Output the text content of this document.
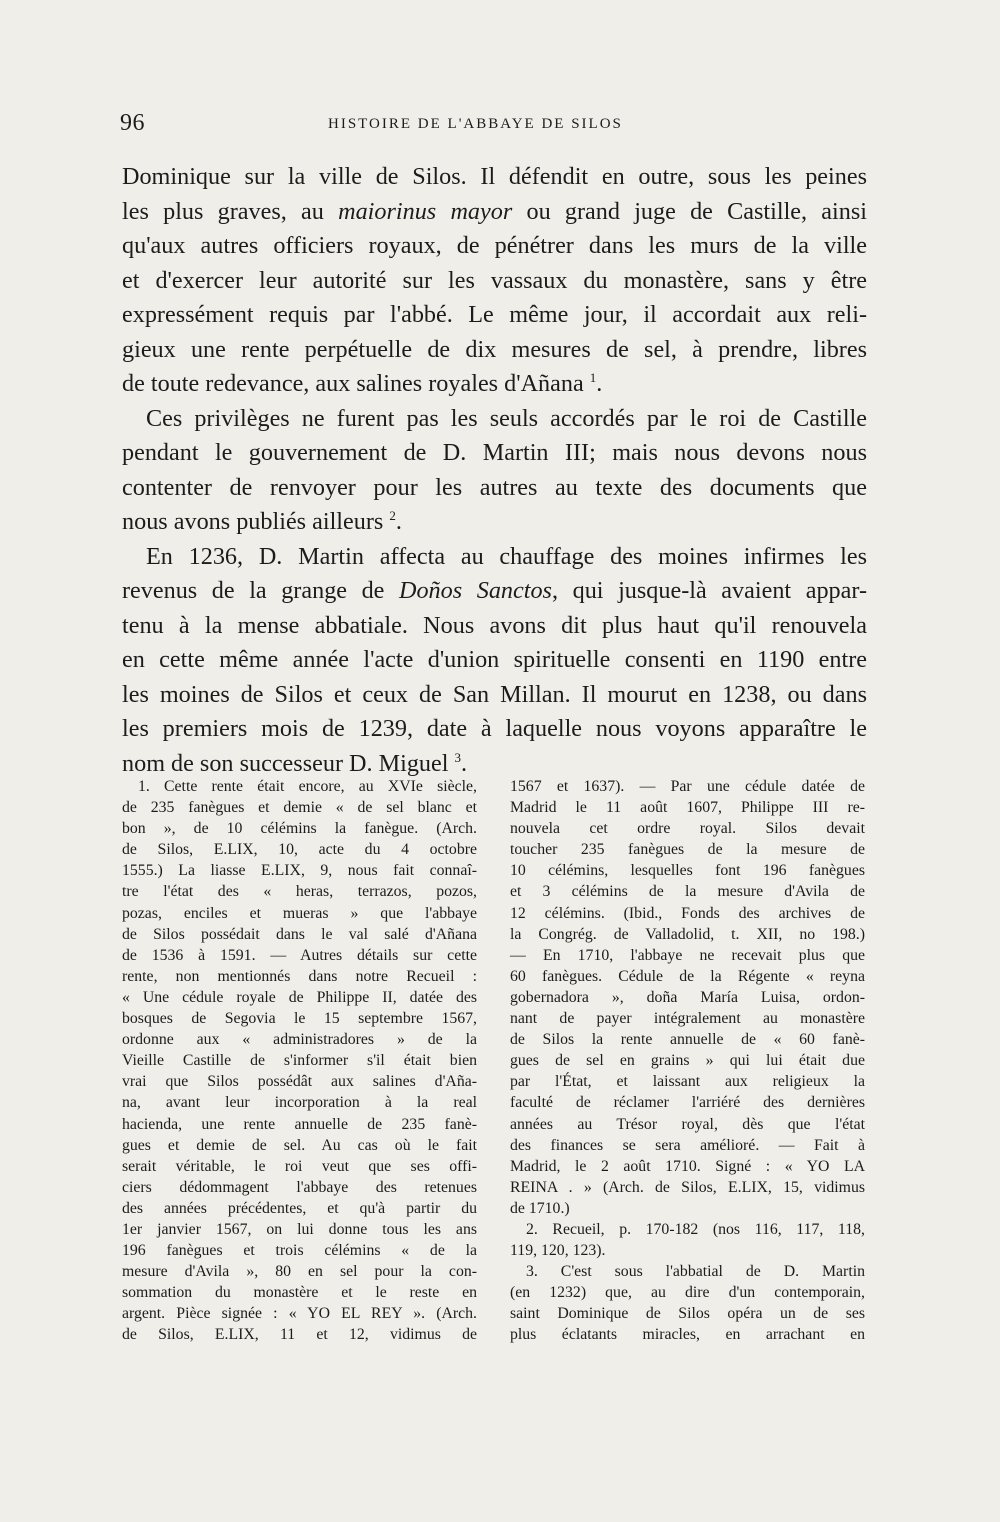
96	HISTOIRE DE L'ABBAYE DE SILOS
Dominique sur la ville de Silos. Il défendit en outre, sous les peines
les plus graves, au maiorinus mayor ou grand juge de Castille, ainsi
qu'aux autres officiers royaux, de pénétrer dans les murs de la ville
et d'exercer leur autorité sur les vassaux du monastère, sans y être
expressément requis par l'abbé. Le même jour, il accordait aux reli-
gieux une rente perpétuelle de dix mesures de sel, à prendre, libres
de toute redevance, aux salines royales d'Añana $^1$.
Ces privilèges ne furent pas les seuls accordés par le roi de Castille
pendant le gouvernement de D. Martin III; mais nous devons nous
contenter de renvoyer pour les autres au texte des documents que
nous avons publiés ailleurs $^2$.
En 1236, D. Martin affecta au chauffage des moines infirmes les
revenus de la grange de Doños Sanctos, qui jusque-là avaient appar-
tenu à la mense abbatiale. Nous avons dit plus haut qu'il renouvela
en cette même année l'acte d'union spirituelle consenti en 1190 entre
les moines de Silos et ceux de San Millan. Il mourut en 1238, ou dans
les premiers mois de 1239, date à laquelle nous voyons apparaître le
nom de son successeur D. Miguel $^3$.
1. Cette rente était encore, au XVIe siècle,
de 235 fanègues et demie « de sel blanc et
bon », de 10 célémins la fanègue. (Arch.
de Silos, E.LIX, 10, acte du 4 octobre
1555.) La liasse E.LIX, 9, nous fait connaî-
tre l'état des « heras, terrazos, pozos,
pozas, enciles et mueras » que l'abbaye
de Silos possédait dans le val salé d'Añana
de 1536 à 1591. — Autres détails sur cette
rente, non mentionnés dans notre Recueil :
« Une cédule royale de Philippe II, datée des
bosques de Segovia le 15 septembre 1567,
ordonne aux « administradores » de la
Vieille Castille de s'informer s'il était bien
vrai que Silos possédât aux salines d'Aña-
na, avant leur incorporation à la real
hacienda, une rente annuelle de 235 fanè-
gues et demie de sel. Au cas où le fait
serait véritable, le roi veut que ses offi-
ciers dédommagent l'abbaye des retenues
des années précédentes, et qu'à partir du
1er janvier 1567, on lui donne tous les ans
196 fanègues et trois célémins « de la
mesure d'Avila », 80 en sel pour la con-
sommation du monastère et le reste en
argent. Pièce signée : « YO EL REY ». (Arch.
de Silos, E.LIX, 11 et 12, vidimus de
1567 et 1637). — Par une cédule datée de
Madrid le 11 août 1607, Philippe III re-
nouvela cet ordre royal. Silos devait
toucher 235 fanègues de la mesure de
10 célémins, lesquelles font 196 fanègues
et 3 célémins de la mesure d'Avila de
12 célémins. (Ibid., Fonds des archives de
la Congrég. de Valladolid, t. XII, no 198.)
— En 1710, l'abbaye ne recevait plus que
60 fanègues. Cédule de la Régente « reyna
gobernadora », doña María Luisa, ordon-
nant de payer intégralement au monastère
de Silos la rente annuelle de « 60 fanè-
gues de sel en grains » qui lui était due
par l'État, et laissant aux religieux la
faculté de réclamer l'arriéré des dernières
années au Trésor royal, dès que l'état
des finances se sera amélioré. — Fait à
Madrid, le 2 août 1710. Signé : « YO LA
REINA . » (Arch. de Silos, E.LIX, 15, vidimus
de 1710.)
2. Recueil, p. 170-182 (nos 116, 117, 118,
119, 120, 123).
3. C'est sous l'abbatial de D. Martin
(en 1232) que, au dire d'un contemporain,
saint Dominique de Silos opéra un de ses
plus éclatants miracles, en arrachant en
